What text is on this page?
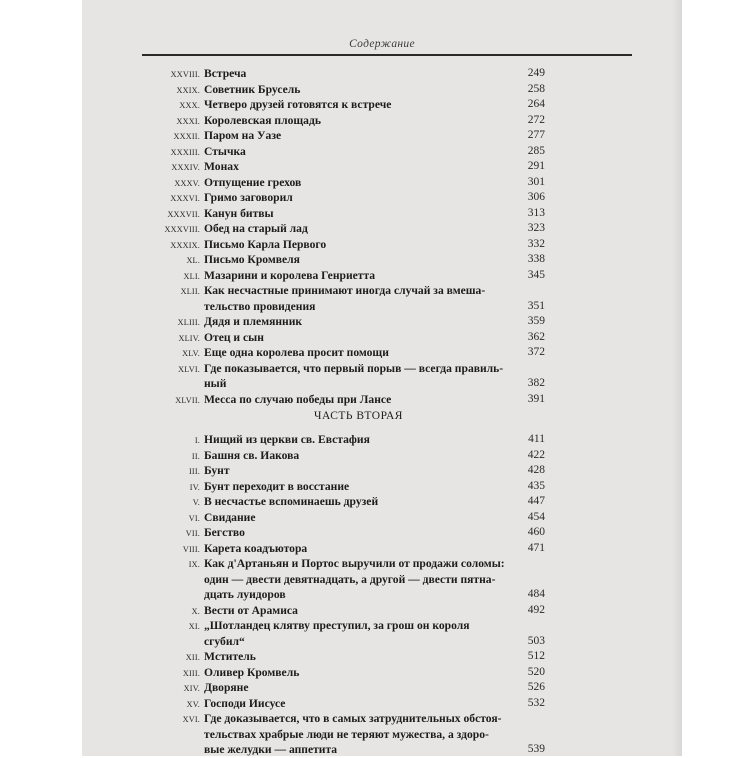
Содержание
XXVIII. Встреча	249
XXIX. Советник Брусель	258
XXX. Четверо друзей готовятся к встрече	264
XXXI. Королевская площадь	272
XXXII. Паром на Уазе	277
XXXIII. Стычка	285
XXXIV. Монах	291
XXXV. Отпущение грехов	301
XXXVI. Гримо заговорил	306
XXXVII. Канун битвы	313
XXXVIII. Обед на старый лад	323
XXXIX. Письмо Карла Первого	332
XL. Письмо Кромвеля	338
XLI. Мазарини и королева Генриетта	345
XLII. Как несчастные принимают иногда случай за вмеша-
тельство провидения	351
XLIII. Дядя и племянник	359
XLIV. Отец и сын	362
XLV. Еще одна королева просит помощи	372
XLVI. Где показывается, что первый порыв — всегда правиль-
ный	382
XLVII. Месса по случаю победы при Лансе	391
ЧАСТЬ ВТОРАЯ
I. Нищий из церкви св. Евстафия	411
II. Башня св. Иакова	422
III. Бунт	428
IV. Бунт переходит в восстание	435
V. В несчастье вспоминаешь друзей	447
VI. Свидание	454
VII. Бегство	460
VIII. Карета коадъютора	471
IX. Как д'Артаньян и Портос выручили от продажи соломы:
один — двести девятнадцать, а другой — двести пятна-
дцать луидоров	484
X. Вести от Арамиса	492
XI. „Шотландец клятву преступил, за грош он короля
сгубил“	503
XII. Мститель	512
XIII. Оливер Кромвель	520
XIV. Дворяне	526
XV. Господи Иисусе	532
XVI. Где доказывается, что в самых затруднительных обстоя-
тельствах храбрые люди не теряют мужества, а здоро-
вые желудки — аппетита	539
